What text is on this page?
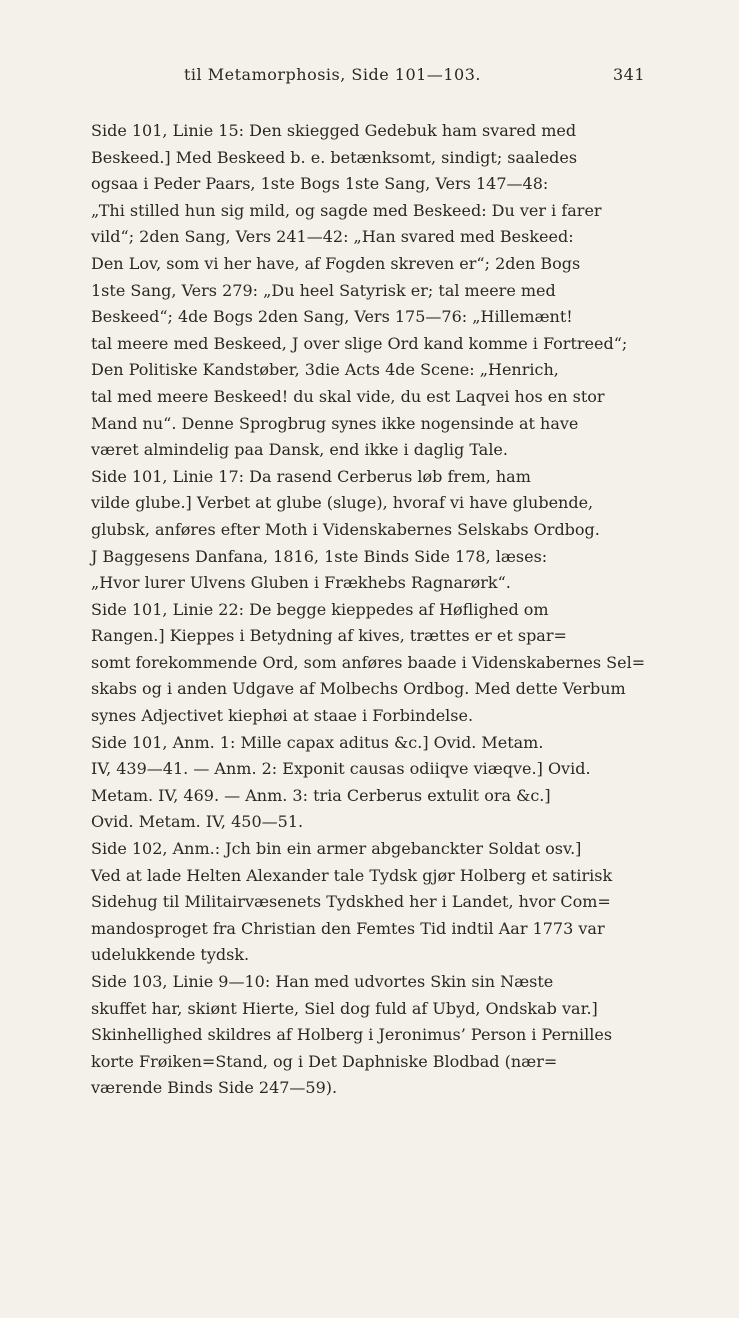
til Metamorphosis, Side 101—103.	341
Side 101, Linie 15: Den skiegged Gedebuk ham svared med
Beskeed.] Med Beskeed b. e. betænksomt, sindigt; saaledes
ogsaa i Peder Paars, 1ste Bogs 1ste Sang, Vers 147—48:
„Thi stilled hun sig mild, og sagde med Beskeed: Du ver i farer
vild“; 2den Sang, Vers 241—42: „Han svared med Beskeed:
Den Lov, som vi her have, af Fogden skreven er“; 2den Bogs
1ste Sang, Vers 279: „Du heel Satyrisk er; tal meere med
Beskeed“; 4de Bogs 2den Sang, Vers 175—76: „Hillemænt!
tal meere med Beskeed, J over slige Ord kand komme i Fortreed“;
Den Politiske Kandstøber, 3die Acts 4de Scene: „Henrich,
tal med meere Beskeed! du skal vide, du est Laqvei hos en stor
Mand nu“. Denne Sprogbrug synes ikke nogensinde at have
været almindelig paa Dansk, end ikke i daglig Tale.
Side 101, Linie 17: Da rasend Cerberus løb frem, ham
vilde glube.] Verbet at glube (sluge), hvoraf vi have glubende,
glubsk, anføres efter Moth i Videnskabernes Selskabs Ordbog.
J Baggesens Danfana, 1816, 1ste Binds Side 178, læses:
„Hvor lurer Ulvens Gluben i Frækhebs Ragnarørk“.
Side 101, Linie 22: De begge kieppedes af Høflighed om
Rangen.] Kieppes i Betydning af kives, trættes er et spar=
somt forekommende Ord, som anføres baade i Videnskabernes Sel=
skabs og i anden Udgave af Molbechs Ordbog. Med dette Verbum
synes Adjectivet kiephøi at staae i Forbindelse.
Side 101, Anm. 1: Mille capax aditus &c.] Ovid. Metam.
IV, 439—41. — Anm. 2: Exponit causas odiiqve viæqve.] Ovid.
Metam. IV, 469. — Anm. 3: tria Cerberus extulit ora &c.]
Ovid. Metam. IV, 450—51.
Side 102, Anm.: Jch bin ein armer abgebanckter Soldat osv.]
Ved at lade Helten Alexander tale Tydsk gjør Holberg et satirisk
Sidehug til Militairvæsenets Tydskhed her i Landet, hvor Com=
mandosproget fra Christian den Femtes Tid indtil Aar 1773 var
udelukkende tydsk.
Side 103, Linie 9—10: Han med udvortes Skin sin Næste
skuffet har, skiønt Hierte, Siel dog fuld af Ubyd, Ondskab var.]
Skinhellighed skildres af Holberg i Jeronimus’ Person i Pernilles
korte Frøiken=Stand, og i Det Daphniske Blodbad (nær=
værende Binds Side 247—59).
